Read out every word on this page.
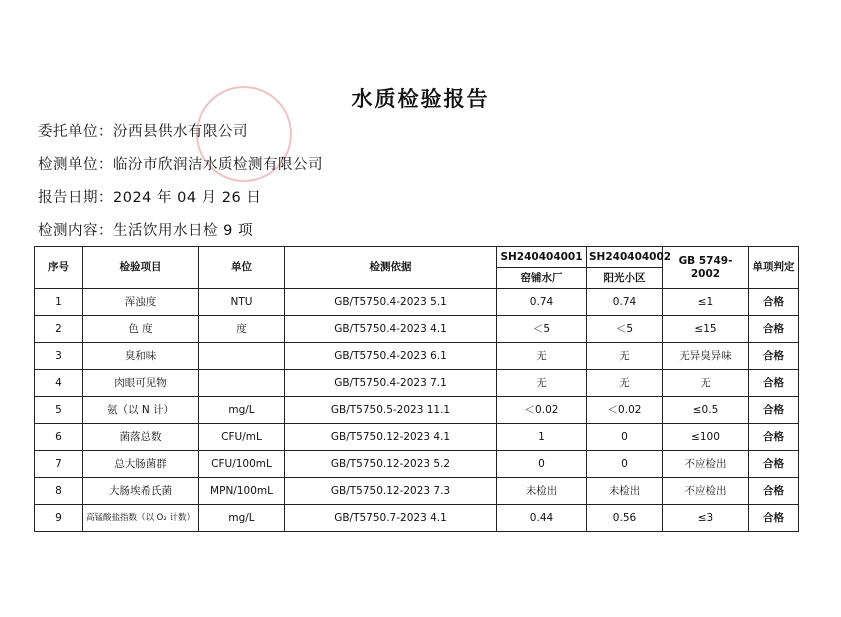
水质检验报告
委托单位：汾西县供水有限公司
检测单位：临汾市欣润洁水质检测有限公司
报告日期：2024 年 04 月 26 日
检测内容：生活饮用水日检 9 项
序号	检验项目	单位	检测依据	SH240404001	SH240404002	GB 5749-2002	单项判定
				窑铺水厂	阳光小区		
1	浑浊度	NTU	GB/T5750.4-2023 5.1	0.74	0.74	≤1	合格
2	色 度	度	GB/T5750.4-2023 4.1	＜5	＜5	≤15	合格
3	臭和味		GB/T5750.4-2023 6.1	无	无	无异臭异味	合格
4	肉眼可见物		GB/T5750.4-2023 7.1	无	无	无	合格
5	氨（以 N 计）	mg/L	GB/T5750.5-2023 11.1	＜0.02	＜0.02	≤0.5	合格
6	菌落总数	CFU/mL	GB/T5750.12-2023 4.1	1	0	≤100	合格
7	总大肠菌群	CFU/100mL	GB/T5750.12-2023 5.2	0	0	不应检出	合格
8	大肠埃希氏菌	MPN/100mL	GB/T5750.12-2023 7.3	未检出	未检出	不应检出	合格
9	高锰酸盐指数（以 O₂ 计数）	mg/L	GB/T5750.7-2023 4.1	0.44	0.56	≤3	合格
